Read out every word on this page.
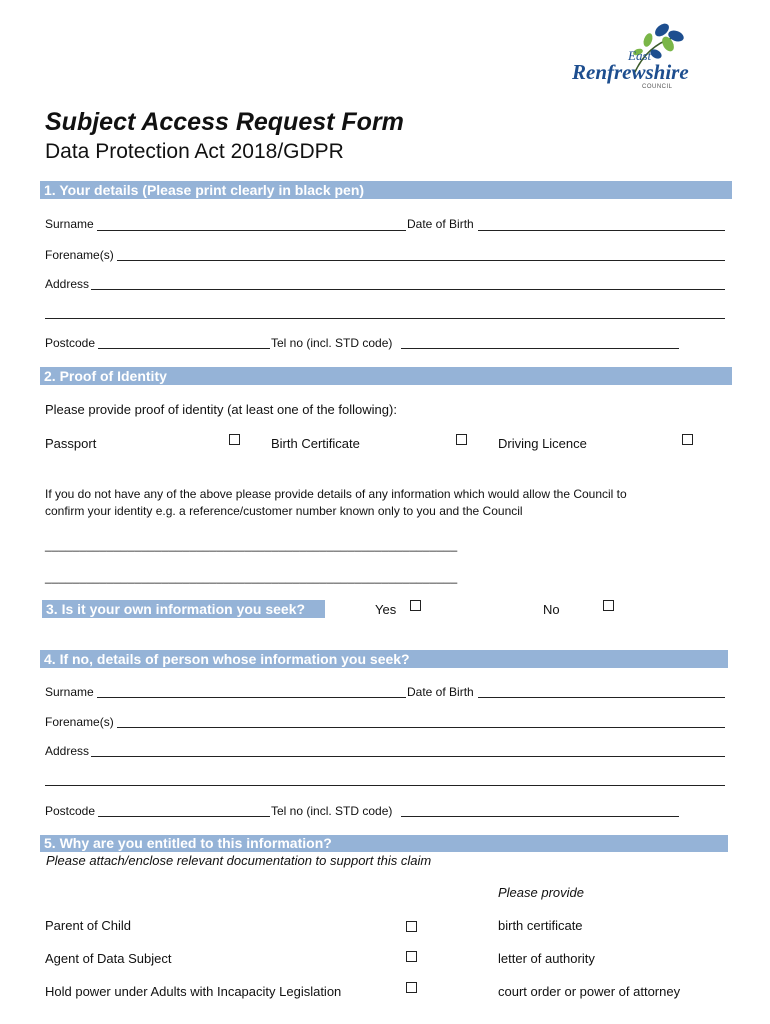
East
Renfrewshire
COUNCIL
Subject Access Request Form
Data Protection Act 2018/GDPR
1. Your details (Please print clearly in black pen)
Surname	Date of Birth
Forename(s)
Address
Postcode	Tel no (incl. STD code)
2. Proof of Identity
Please provide proof of identity (at least one of the following):
Passport	Birth Certificate	Driving Licence
If you do not have any of the above please provide details of any information which would allow the Council to
confirm your identity e.g. a reference/customer number known only to you and the Council
____________________________________________________________
____________________________________________________________
3. Is it your own information you seek?	Yes	No
4. If no, details of person whose information you seek?
Surname	Date of Birth
Forename(s)
Address
Postcode	Tel no (incl. STD code)
5. Why are you entitled to this information?
Please attach/enclose relevant documentation to support this claim
Please provide
Parent of Child	birth certificate
Agent of Data Subject	letter of authority
Hold power under Adults with Incapacity Legislation	court order or power of attorney
